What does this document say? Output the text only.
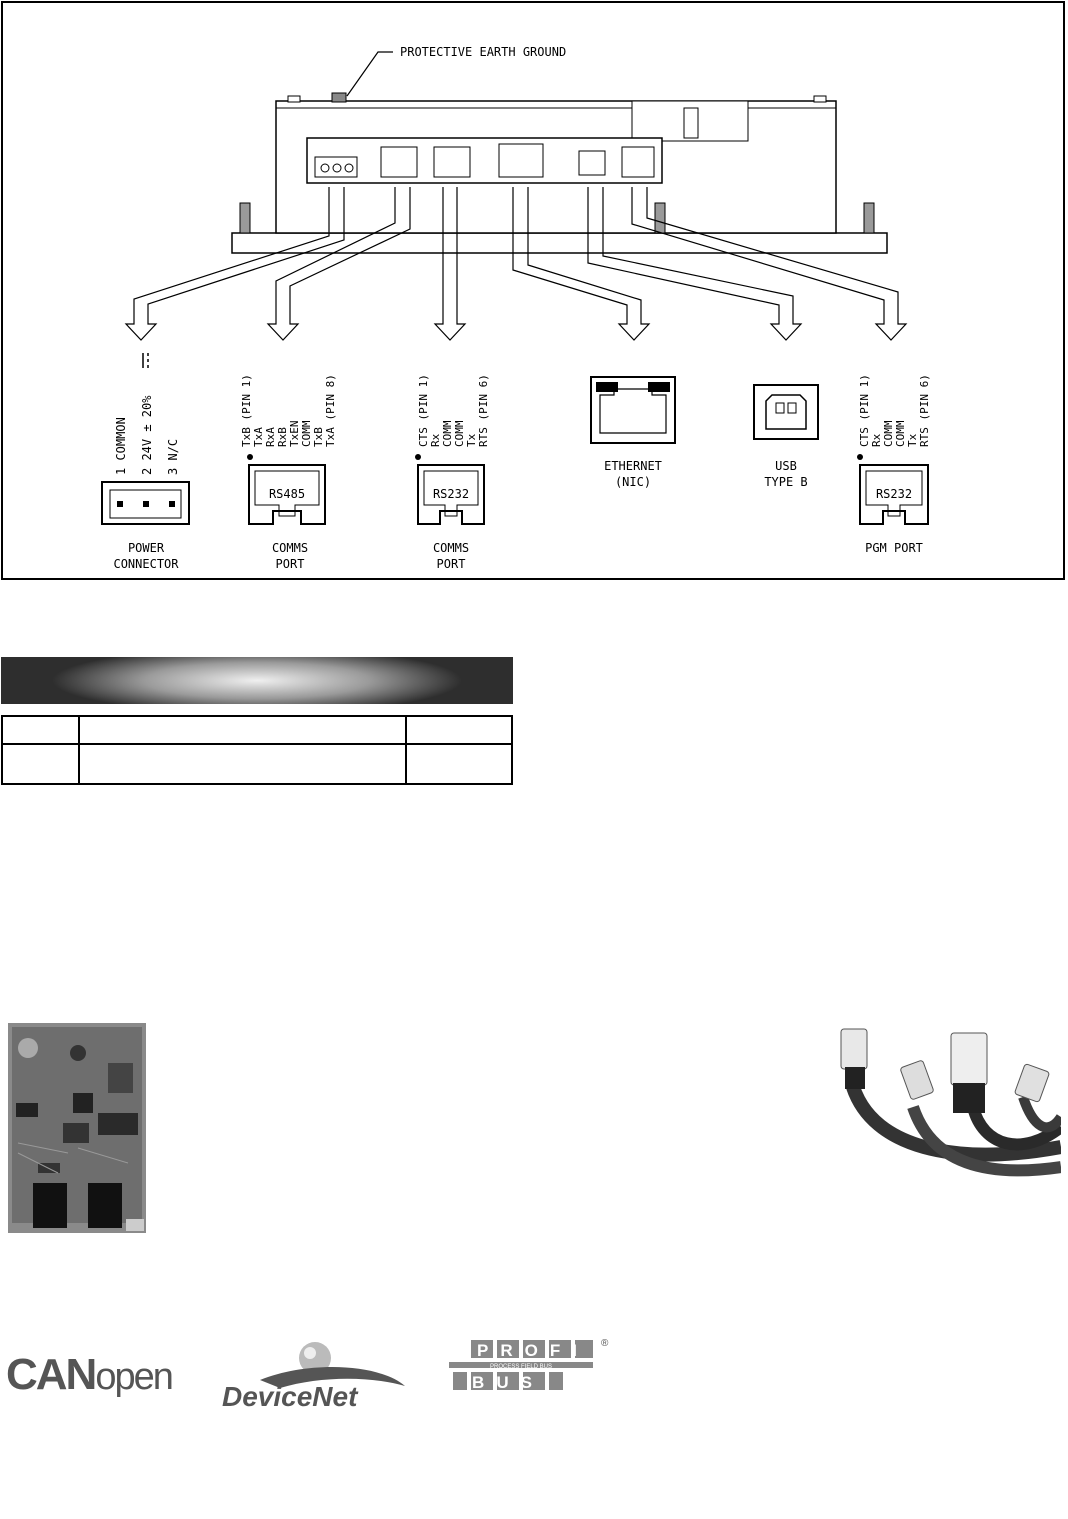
PROTECTIVE EARTH GROUND
1 COMMON 2 24V ± 20% 3 N/C
POWER
CONNECTOR
TxB (PIN 1) TxA RxA RxB TxEN COMM TxB TxA (PIN 8)
RS485
COMMS
PORT
CTS (PIN 1) Rx COMM COMM Tx RTS (PIN 6)
RS232
COMMS
PORT
ETHERNET
(NIC)
USB
TYPE B
CTS (PIN 1) Rx COMM COMM Tx RTS (PIN 6)
RS232
PGM PORT

CANopen DeviceNet
PROFI ®
PROCESS FIELD BUS
BUS
